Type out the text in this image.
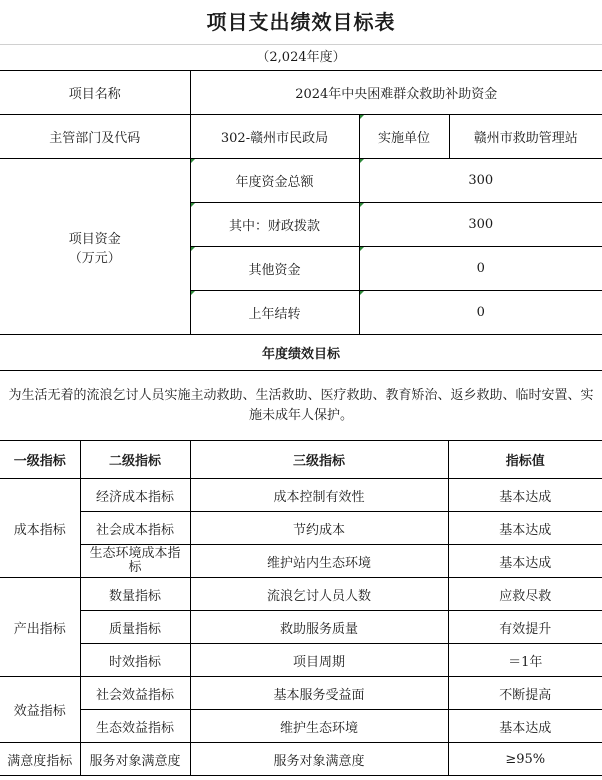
项目支出绩效目标表
（2,024年度）
项目名称	2024年中央困难群众救助补助资金		
主管部门及代码	302-赣州市民政局	实施单位	赣州市救助管理站

项目资金
（万元）	年度资金总额	300	
	其中：财政拨款	300	
	其他资金	0	
	上年结转	0	
年度绩效目标			
为生活无着的流浪乞讨人员实施主动救助、生活救助、医疗救助、教育矫治、返乡救助、临时安置、实施未成年人保护。			
一级指标	二级指标	三级指标	指标值
成本指标	经济成本指标	成本控制有效性	基本达成
	社会成本指标	节约成本	基本达成
	生态环境成本指标	维护站内生态环境	基本达成
产出指标	数量指标	流浪乞讨人员人数	应救尽救
	质量指标	救助服务质量	有效提升
	时效指标	项目周期	＝1年
效益指标	社会效益指标	基本服务受益面	不断提高
	生态效益指标	维护生态环境	基本达成
满意度指标	服务对象满意度	服务对象满意度	≥95%
